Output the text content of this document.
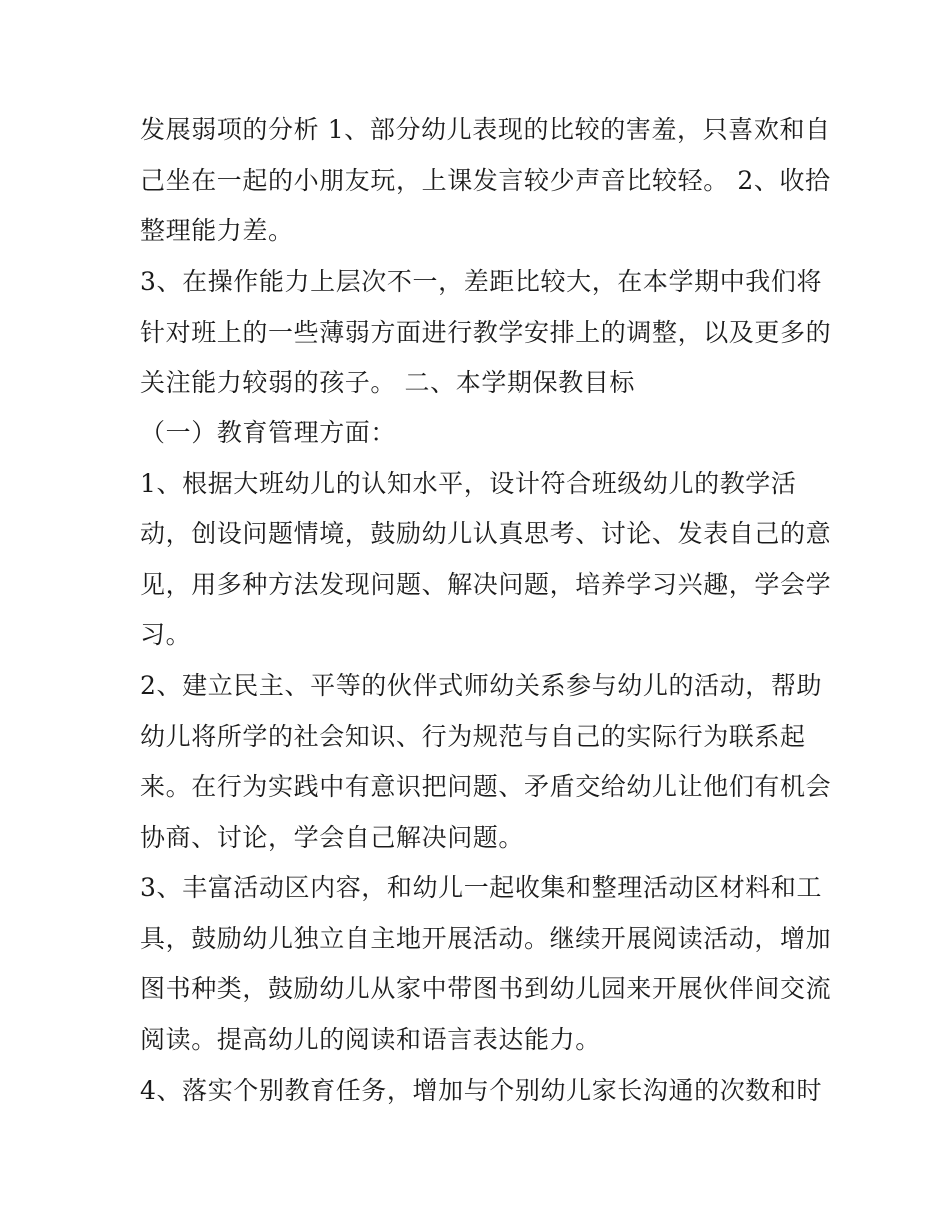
发展弱项的分析 1、部分幼儿表现的比较的害羞，只喜欢和自
己坐在一起的小朋友玩，上课发言较少声音比较轻。 2、收拾
整理能力差。
3、在操作能力上层次不一，差距比较大，在本学期中我们将
针对班上的一些薄弱方面进行教学安排上的调整，以及更多的
关注能力较弱的孩子。 二、本学期保教目标
（一）教育管理方面：
1、根据大班幼儿的认知水平，设计符合班级幼儿的教学活
动，创设问题情境，鼓励幼儿认真思考、讨论、发表自己的意
见，用多种方法发现问题、解决问题，培养学习兴趣，学会学
习。
2、建立民主、平等的伙伴式师幼关系参与幼儿的活动，帮助
幼儿将所学的社会知识、行为规范与自己的实际行为联系起
来。在行为实践中有意识把问题、矛盾交给幼儿让他们有机会
协商、讨论，学会自己解决问题。
3、丰富活动区内容，和幼儿一起收集和整理活动区材料和工
具，鼓励幼儿独立自主地开展活动。继续开展阅读活动，增加
图书种类，鼓励幼儿从家中带图书到幼儿园来开展伙伴间交流
阅读。提高幼儿的阅读和语言表达能力。
4、落实个别教育任务，增加与个别幼儿家长沟通的次数和时
